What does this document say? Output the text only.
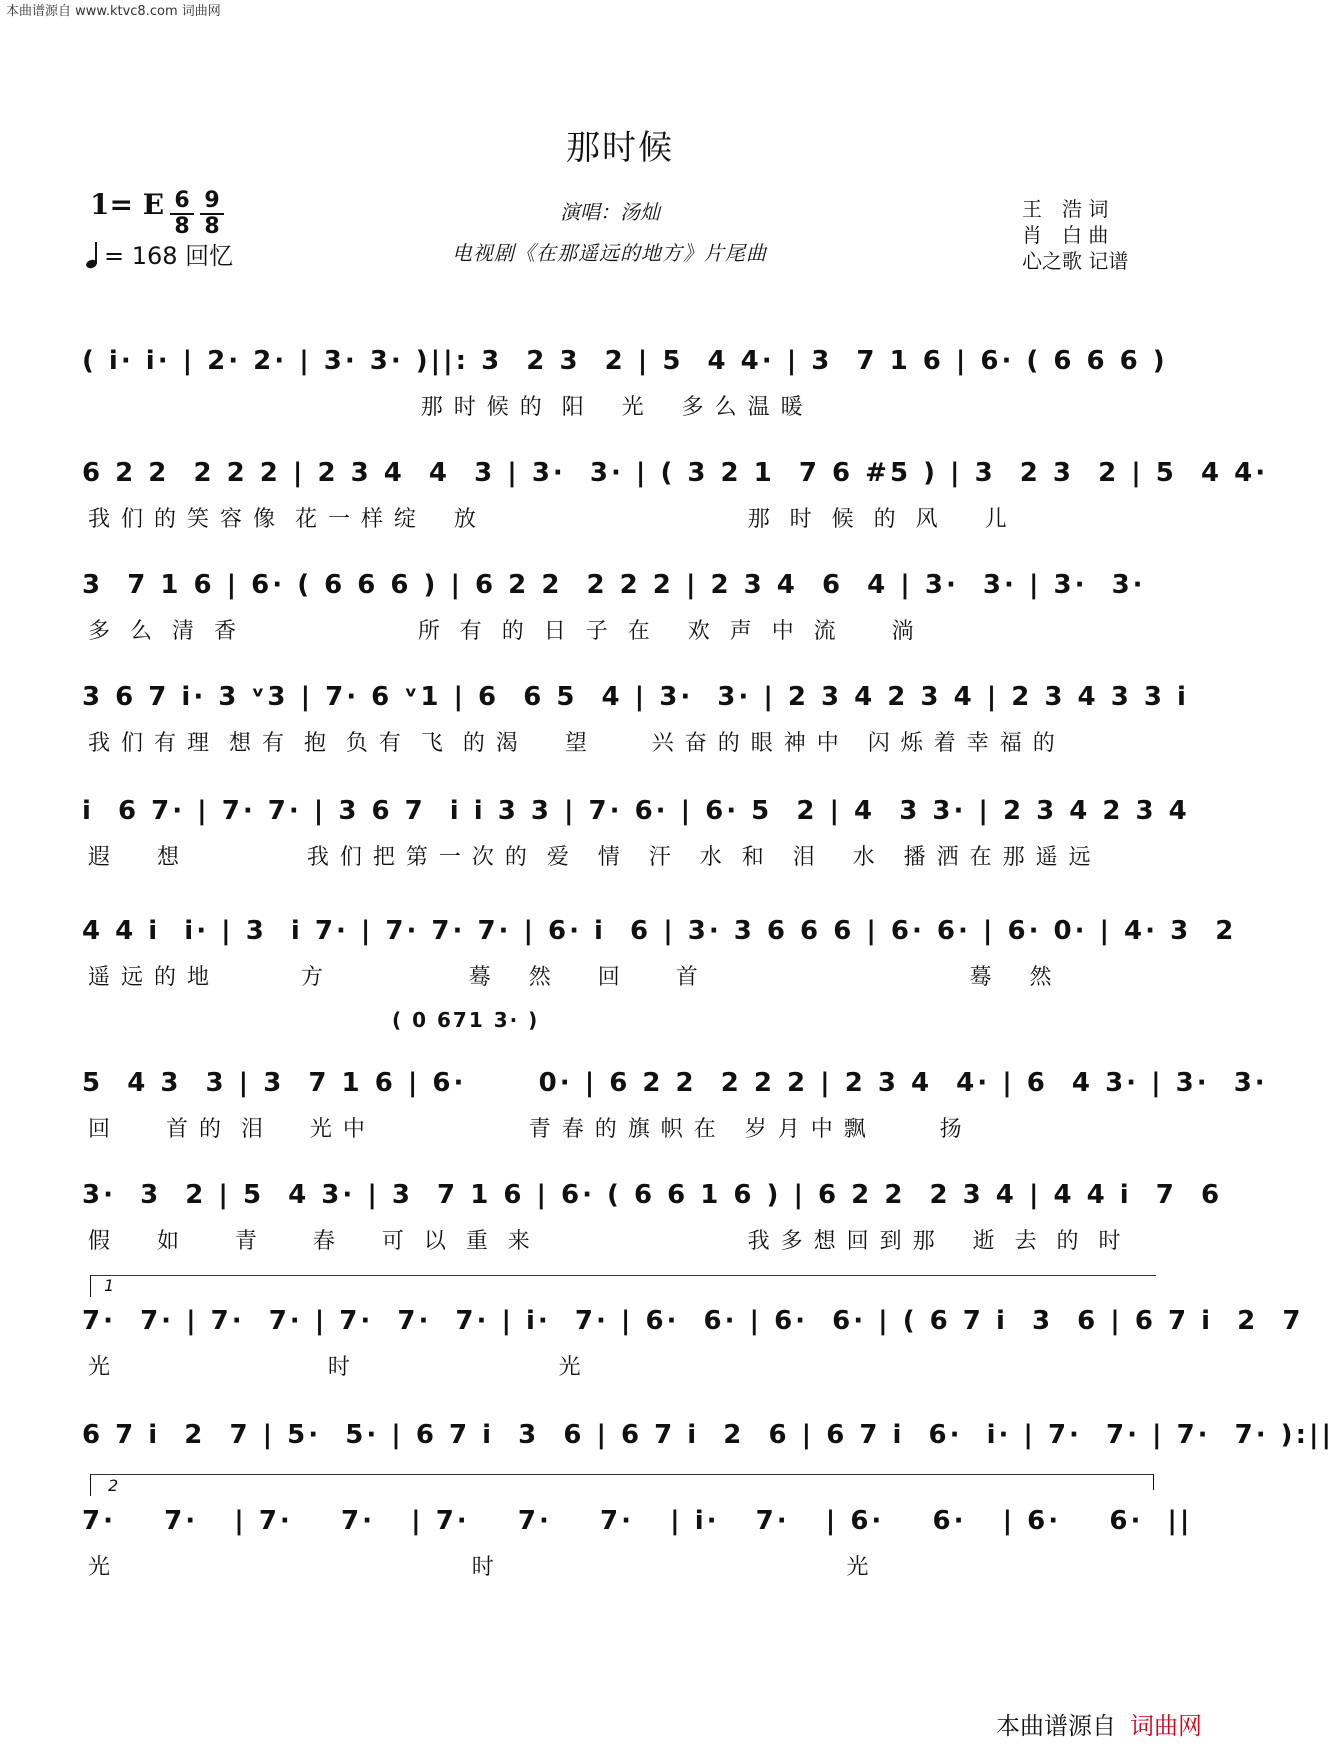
本曲谱源自 www.ktvc8.com 词曲网
那时候
1= E 6
8
9
8
= 168 回忆
演唱：汤灿
电视剧《在那遥远的地方》片尾曲
王　浩 词
肖　白 曲
心之歌 记谱
( i· i· | 2· 2· | 3· 3· )||: 3  2 3  2 | 5  4 4· | 3  7 1 6 | 6· ( 6 6 6 )
那 时 候 的  阳    光    多 么 温 暖
6 2 2  2 2 2 | 2 3 4  4  3 | 3·  3· | ( 3 2 1  7 6 #5 ) | 3  2 3  2 | 5  4 4·
我 们 的 笑 容 像  花 一 样 绽    放                              那  时  候  的  风     儿
3  7 1 6 | 6· ( 6 6 6 ) | 6 2 2  2 2 2 | 2 3 4  6  4 | 3·  3· | 3·  3·
多  么  清  香                    所  有  的  日  子  在    欢  声  中  流      淌
3 6 7 i· 3 ᵛ3 | 7· 6 ᵛ1 | 6  6 5  4 | 3·  3· | 2 3 4 2 3 4 | 2 3 4 3 3 i
我 们 有 理  想 有  抱  负 有  飞  的 渴     望       兴 奋 的 眼 神 中   闪 烁 着 幸 福 的
i  6 7· | 7· 7· | 3 6 7  i i 3 3 | 7· 6· | 6· 5  2 | 4  3 3· | 2 3 4 2 3 4
遐     想              我 们 把 第 一 次 的  爱   情   汗   水  和   泪    水   播 洒 在 那 遥 远
4 4 i  i· | 3  i 7· | 7· 7· 7· | 6· i  6 | 3· 3 6 6 6 | 6· 6· | 6· 0· | 4· 3  2
遥 远 的 地          方                蓦    然     回      首                              蓦    然
( 0 671 3· )
5  4 3  3 | 3  7 1 6 | 6·      0· | 6 2 2  2 2 2 | 2 3 4  4· | 6  4 3· | 3·  3·
回      首 的  泪     光 中                  青 春 的 旗 帜 在   岁 月 中 飘        扬
3·  3  2 | 5  4 3· | 3  7 1 6 | 6· ( 6 6 1 6 ) | 6 2 2  2 3 4 | 4 4 i  7  6
假     如      青      春     可  以  重  来                        我 多 想 回 到 那    逝  去  的  时
1
7·  7· | 7·  7· | 7·  7·  7· | i·  7· | 6·  6· | 6·  6· | ( 6 7 i  3  6 | 6 7 i  2  7
光                        时                       光
6 7 i  2  7 | 5·  5· | 6 7 i  3  6 | 6 7 i  2  6 | 6 7 i  6·  i· | 7·  7· | 7·  7· ):||
2
7·    7·   | 7·    7·   | 7·    7·    7·   | i·   7·   | 6·    6·   | 6·    6·  ||
光                                        时                                       光
本曲谱源自 词曲网
